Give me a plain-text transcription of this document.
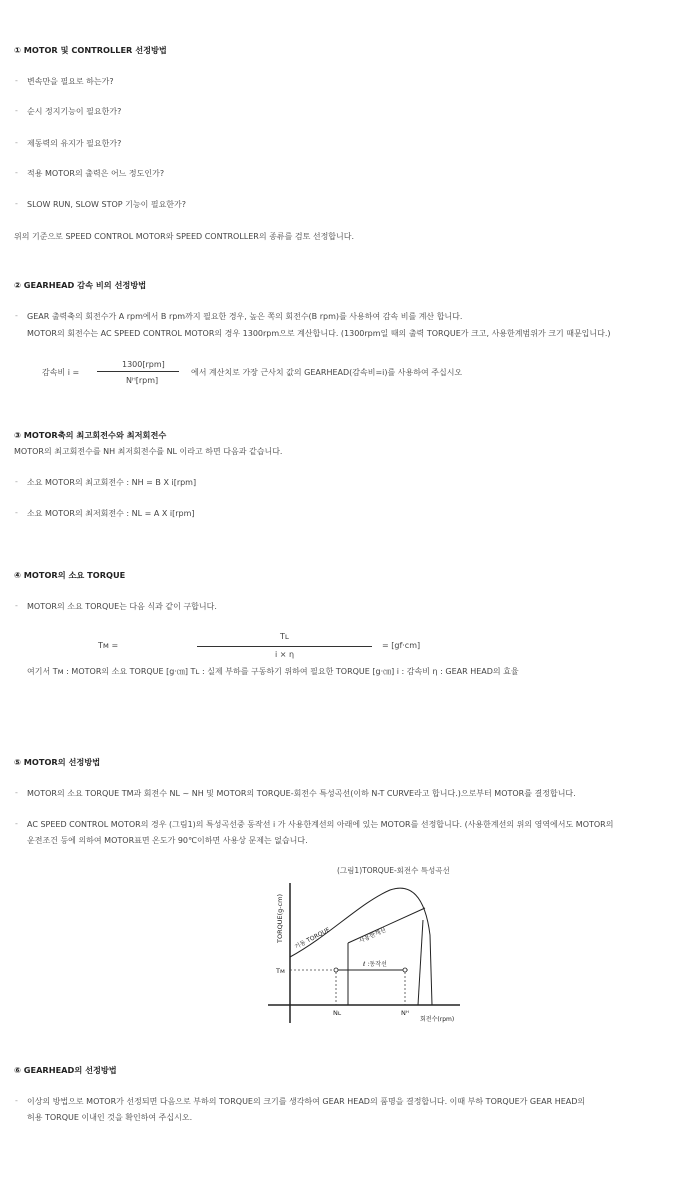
① MOTOR 및 CONTROLLER 선정방법
- 변속만을 필요로 하는가?
- 순시 정지기능이 필요한가?
- 제동력의 유지가 필요한가?
- 적용 MOTOR의 출력은 어느 정도인가?
- SLOW RUN, SLOW STOP 기능이 필요한가?
위의 기준으로 SPEED CONTROL MOTOR와 SPEED CONTROLLER의 종류를 검토 선정합니다.
② GEARHEAD 감속 비의 선정방법
- GEAR 출력축의 회전수가 A rpm에서 B rpm까지 필요한 경우, 높은 쪽의 회전수(B rpm)를 사용하여 감속 비를 계산 합니다.
MOTOR의 회전수는 AC SPEED CONTROL MOTOR의 경우 1300rpm으로 계산합니다. (1300rpm일 때의 출력 TORQUE가 크고, 사용한계범위가 크기 때문입니다.)
감속비 i =
1300[rpm]
Nᴴ[rpm]
에서 계산치로 가장 근사치 값의 GEARHEAD(감속비=i)를 사용하여 주십시오
③ MOTOR축의 최고회전수와 최저회전수
MOTOR의 최고회전수를 NH 최저회전수를 NL 이라고 하면 다음과 같습니다.
- 소요 MOTOR의 최고회전수 : NH = B X i[rpm]
- 소요 MOTOR의 최저회전수 : NL = A X i[rpm]
④ MOTOR의 소요 TORQUE
- MOTOR의 소요 TORQUE는 다음 식과 같이 구합니다.
Tᴍ =
Tʟ
i × η
= [gf·cm]
여기서 Tᴍ : MOTOR의 소요 TORQUE [g·㎝] Tʟ : 실제 부하를 구동하기 위하여 필요한 TORQUE [g·㎝] i : 감속비 η : GEAR HEAD의 효율
⑤ MOTOR의 선정방법
- MOTOR의 소요 TORQUE TM과 회전수 NL ~ NH 및 MOTOR의 TORQUE-회전수 특성곡선(이하 N-T CURVE라고 합니다.)으로부터 MOTOR를 결정합니다.
- AC SPEED CONTROL MOTOR의 경우 (그림1)의 특성곡선중 동작선 i 가 사용한계선의 아래에 있는 MOTOR를 선정합니다. (사용한계선의 위의 영역에서도 MOTOR의
운전조건 등에 의하여 MOTOR표면 온도가 90℃이하면 사용상 문제는 없습니다.
(그림1)TORQUE-회전수 특성곡선
TORQUE(g-cm) 기동 TORQUE	사용한계선
ℓ :동작선
Tᴍ
Nʟ	Nᴴ
회전수(rpm)
⑥ GEARHEAD의 선정방법
- 이상의 방법으로 MOTOR가 선정되면 다음으로 부하의 TORQUE의 크기를 생각하여 GEAR HEAD의 품명을 결정합니다. 이때 부하 TORQUE가 GEAR HEAD의
허용 TORQUE 이내인 것을 확인하여 주십시오.
